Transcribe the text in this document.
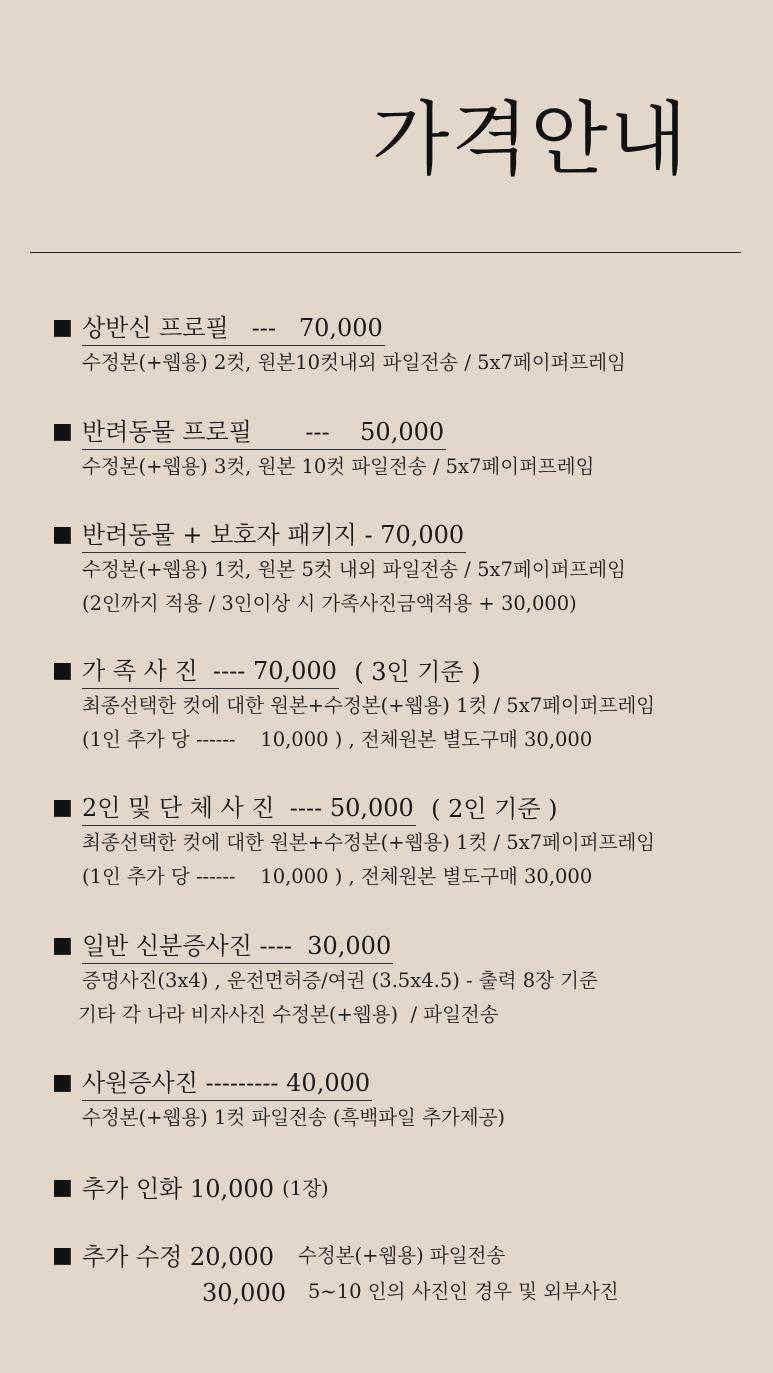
가격안내
■ 상반신 프로필   ---   70,000
수정본(+웹용) 2컷, 원본10컷내외 파일전송 / 5x7페이퍼프레임
■ 반려동물 프로필       ---    50,000
수정본(+웹용) 3컷, 원본 10컷 파일전송 / 5x7페이퍼프레임
■ 반려동물 + 보호자 패키지 - 70,000
수정본(+웹용) 1컷, 원본 5컷 내외 파일전송 / 5x7페이퍼프레임
(2인까지 적용 / 3인이상 시 가족사진금액적용 + 30,000)
■ 가 족 사 진  ---- 70,000 ( 3인 기준 )
최종선택한 컷에 대한 원본+수정본(+웹용) 1컷 / 5x7페이퍼프레임
(1인 추가 당 ------    10,000 ) , 전체원본 별도구매 30,000
■ 2인 및 단 체 사 진  ---- 50,000 ( 2인 기준 )
최종선택한 컷에 대한 원본+수정본(+웹용) 1컷 / 5x7페이퍼프레임
(1인 추가 당 ------    10,000 ) , 전체원본 별도구매 30,000
■ 일반 신분증사진 ----  30,000
증명사진(3x4) , 운전면허증/여권 (3.5x4.5) - 출력 8장 기준
기타 각 나라 비자사진 수정본(+웹용)  / 파일전송
■ 사원증사진 --------- 40,000
수정본(+웹용) 1컷 파일전송 (흑백파일 추가제공)
■ 추가 인화 10,000 (1장)
■ 추가 수정 20,000 수정본(+웹용) 파일전송
30,000 5~10 인의 사진인 경우 및 외부사진
